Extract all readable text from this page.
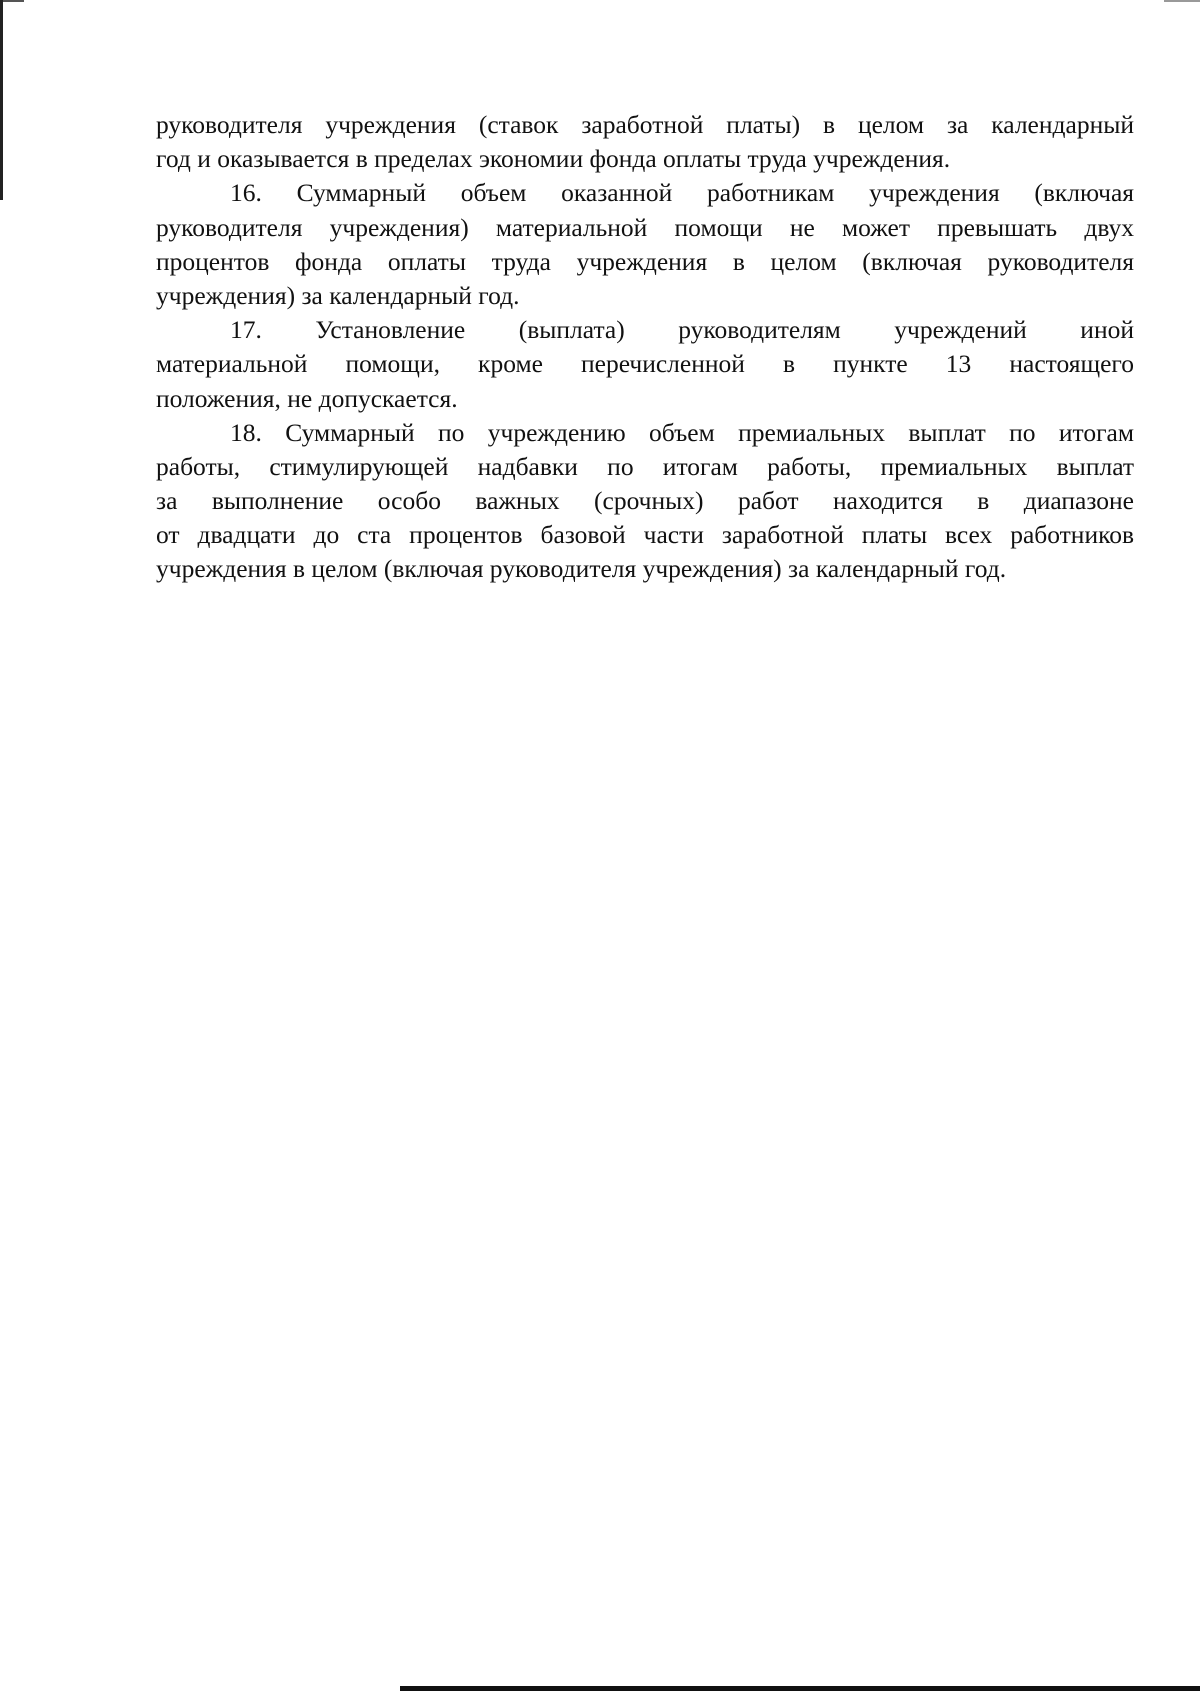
руководителя учреждения (ставок заработной платы) в целом за календарный
год и оказывается в пределах экономии фонда оплаты труда учреждения.
16. Суммарный объем оказанной работникам учреждения (включая
руководителя учреждения) материальной помощи не может превышать двух
процентов фонда оплаты труда учреждения в целом (включая руководителя
учреждения) за календарный год.
17. Установление (выплата) руководителям учреждений иной
материальной помощи, кроме перечисленной в пункте 13 настоящего
положения, не допускается.
18. Суммарный по учреждению объем премиальных выплат по итогам
работы, стимулирующей надбавки по итогам работы, премиальных выплат
за выполнение особо важных (срочных) работ находится в диапазоне
от двадцати до ста процентов базовой части заработной платы всех работников
учреждения в целом (включая руководителя учреждения) за календарный год.
